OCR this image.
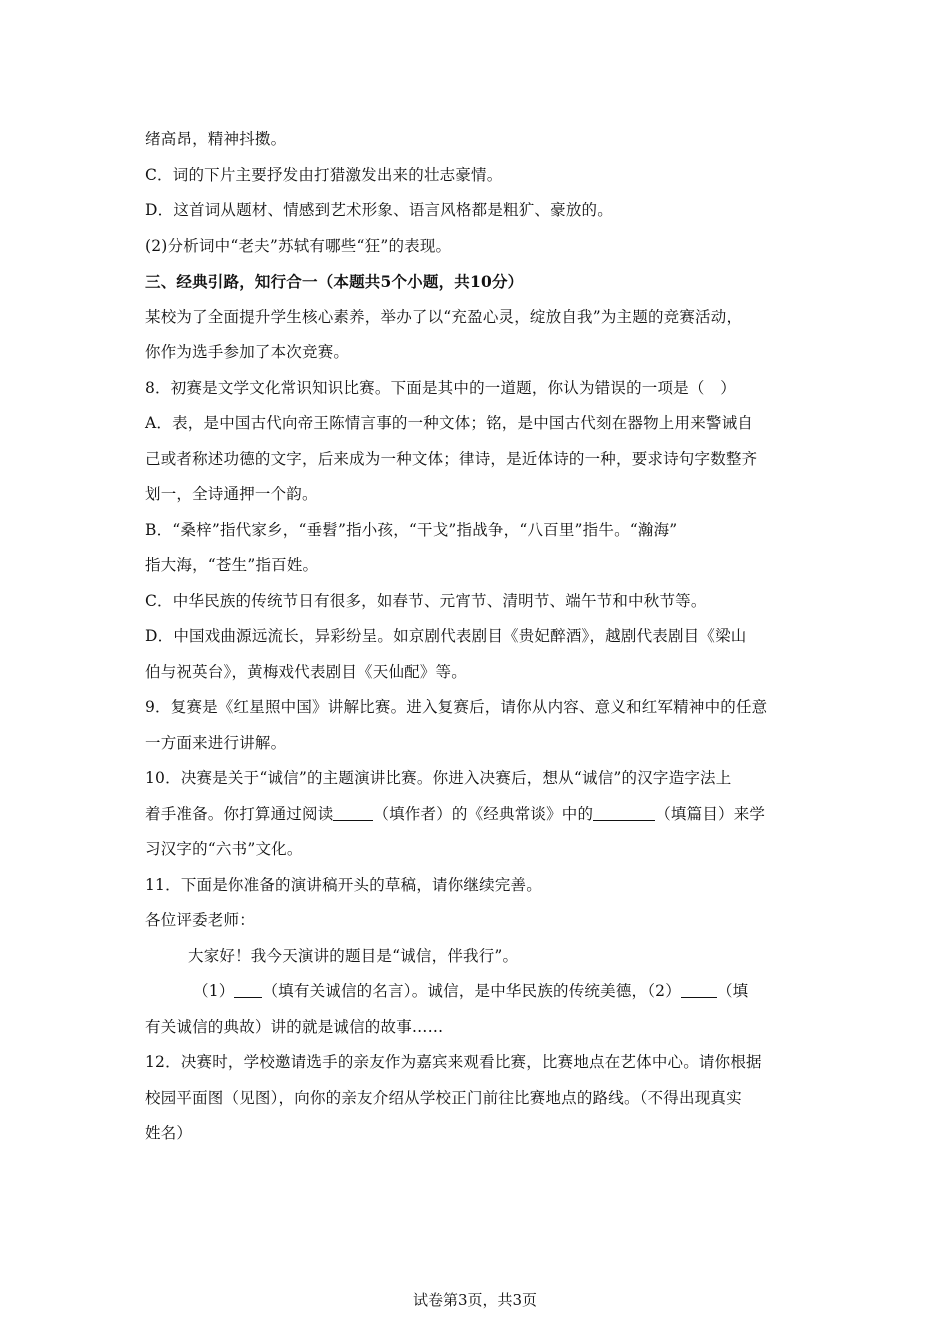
绪高昂，精神抖擞。
C．词的下片主要抒发由打猎激发出来的壮志豪情。
D．这首词从题材、情感到艺术形象、语言风格都是粗犷、豪放的。
(2)分析词中“老夫”苏轼有哪些“狂”的表现。
三、经典引路，知行合一（本题共5个小题，共10分）
某校为了全面提升学生核心素养，举办了以“充盈心灵，绽放自我”为主题的竞赛活动，
你作为选手参加了本次竞赛。
8．初赛是文学文化常识知识比赛。下面是其中的一道题，你认为错误的一项是（　）
A．表，是中国古代向帝王陈情言事的一种文体；铭，是中国古代刻在器物上用来警诫自
己或者称述功德的文字，后来成为一种文体；律诗，是近体诗的一种，要求诗句字数整齐
划一，全诗通押一个韵。
B．“桑梓”指代家乡，“垂髫”指小孩，“干戈”指战争，“八百里”指牛。“瀚海”
指大海，“苍生”指百姓。
C．中华民族的传统节日有很多，如春节、元宵节、清明节、端午节和中秋节等。
D．中国戏曲源远流长，异彩纷呈。如京剧代表剧目《贵妃醉酒》，越剧代表剧目《梁山
伯与祝英台》，黄梅戏代表剧目《天仙配》等。
9．复赛是《红星照中国》讲解比赛。进入复赛后，请你从内容、意义和红军精神中的任意
一方面来进行讲解。
10．决赛是关于“诚信”的主题演讲比赛。你进入决赛后，想从“诚信”的汉字造字法上
着手准备。你打算通过阅读	（填作者）的《经典常谈》中的	（填篇目）来学
习汉字的“六书”文化。
11．下面是你准备的演讲稿开头的草稿，请你继续完善。
各位评委老师：
大家好！我今天演讲的题目是“诚信，伴我行”。
（1） （填有关诚信的名言）。诚信，是中华民族的传统美德，（2） （填
有关诚信的典故）讲的就是诚信的故事……
12．决赛时，学校邀请选手的亲友作为嘉宾来观看比赛，比赛地点在艺体中心。请你根据
校园平面图（见图），向你的亲友介绍从学校正门前往比赛地点的路线。（不得出现真实
姓名）
试卷第3页，共3页
